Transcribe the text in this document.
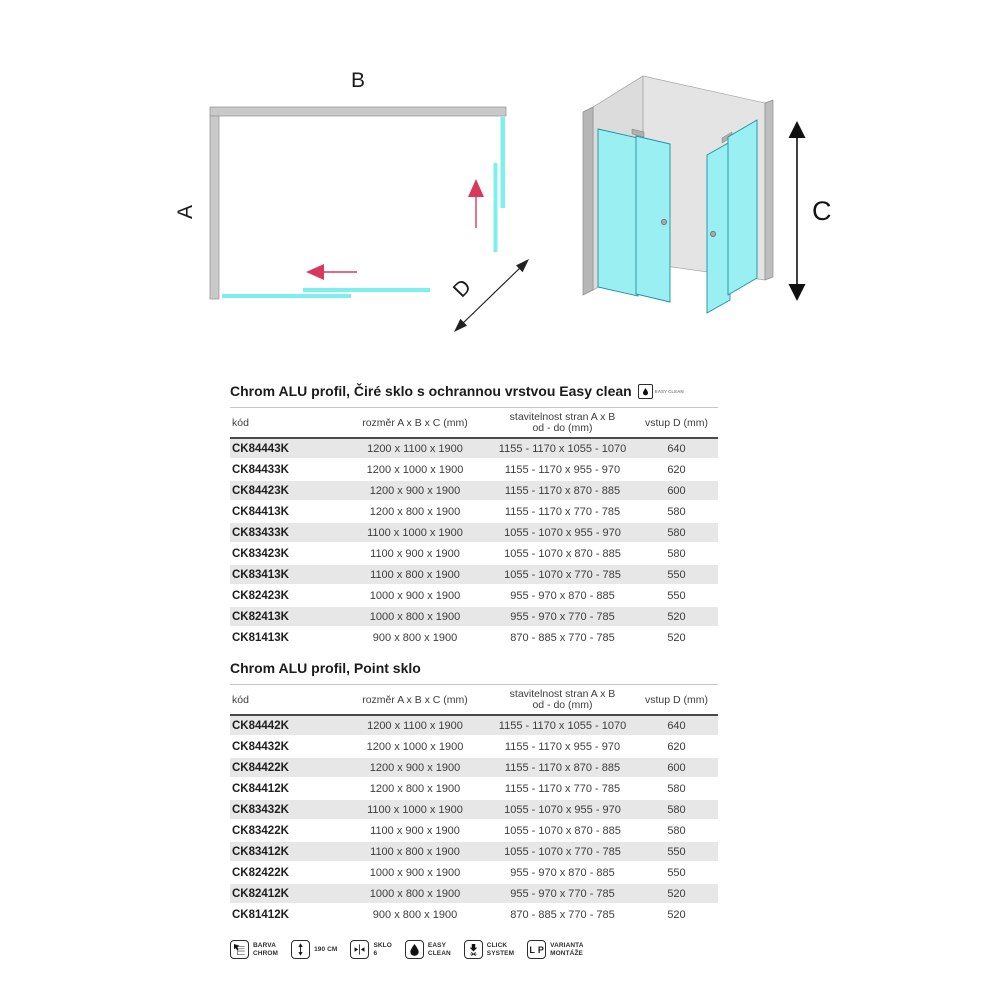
B
A
D
C
Chrom ALU profil, Čiré sklo s ochrannou vrstvou Easy clean	EASY CLEAN
kód	rozměr A x B x C (mm)	stavitelnost stran A x B
od - do (mm)	vstup D (mm)
CK84443K	1200 x 1100 x 1900	1155 - 1170 x 1055 - 1070	640
CK84433K	1200 x 1000 x 1900	1155 - 1170 x 955 - 970	620
CK84423K	1200 x 900 x 1900	1155 - 1170 x 870 - 885	600
CK84413K	1200 x 800 x 1900	1155 - 1170 x 770 - 785	580
CK83433K	1100 x 1000 x 1900	1055 - 1070 x 955 - 970	580
CK83423K	1100 x 900 x 1900	1055 - 1070 x 870 - 885	580
CK83413K	1100 x 800 x 1900	1055 - 1070 x 770 - 785	550
CK82423K	1000 x 900 x 1900	955 - 970 x 870 - 885	550
CK82413K	1000 x 800 x 1900	955 - 970 x 770 - 785	520
CK81413K	900 x 800 x 1900	870 - 885 x 770 - 785	520
Chrom ALU profil, Point sklo
kód	rozměr A x B x C (mm)	stavitelnost stran A x B
od - do (mm)	vstup D (mm)
CK84442K	1200 x 1100 x 1900	1155 - 1170 x 1055 - 1070	640
CK84432K	1200 x 1000 x 1900	1155 - 1170 x 955 - 970	620
CK84422K	1200 x 900 x 1900	1155 - 1170 x 870 - 885	600
CK84412K	1200 x 800 x 1900	1155 - 1170 x 770 - 785	580
CK83432K	1100 x 1000 x 1900	1055 - 1070 x 955 - 970	580
CK83422K	1100 x 900 x 1900	1055 - 1070 x 870 - 885	580
CK83412K	1100 x 800 x 1900	1055 - 1070 x 770 - 785	550
CK82422K	1000 x 900 x 1900	955 - 970 x 870 - 885	550
CK82412K	1000 x 800 x 1900	955 - 970 x 770 - 785	520
CK81412K	900 x 800 x 1900	870 - 885 x 770 - 785	520
BARVA
CHROM
190 CM
SKLO
6
EASY
CLEAN
CLICK
SYSTEM L P VARIANTA
MONTÁŽE
